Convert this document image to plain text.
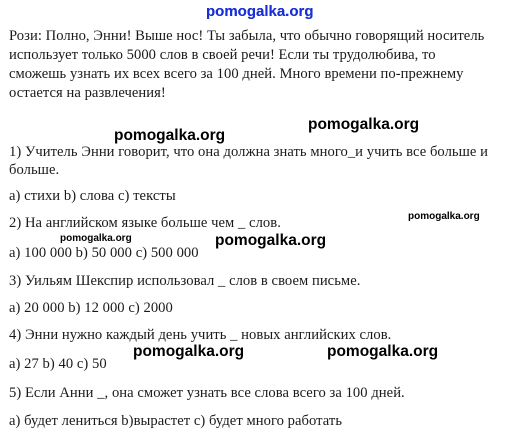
pomogalka.org
Рози: Полно, Энни! Выше нос! Ты забыла, что обычно говорящий носитель
использует только 5000 слов в своей речи! Если ты трудолюбива, то
сможешь узнать их всех всего за 100 дней. Много времени по-прежнему
остается на развлечения!
pomogalka.org
pomogalka.org
1) Учитель Энни говорит, что она должна знать много_и учить все больше и
больше.
a) стихи b) слова c) тексты
pomogalka.org
2) На английском языке больше чем _ слов.
pomogalka.org	pomogalka.org
a) 100 000 b) 50 000 c) 500 000
3) Уильям Шекспир использовал _ слов в своем письме.
a) 20 000 b) 12 000 c) 2000
4) Энни нужно каждый день учить _ новых английских слов.
pomogalka.org	pomogalka.org
a) 27 b) 40 c) 50
5) Если Анни _, она сможет узнать все слова всего за 100 дней.
a) будет лениться b)вырастет c) будет много работать
